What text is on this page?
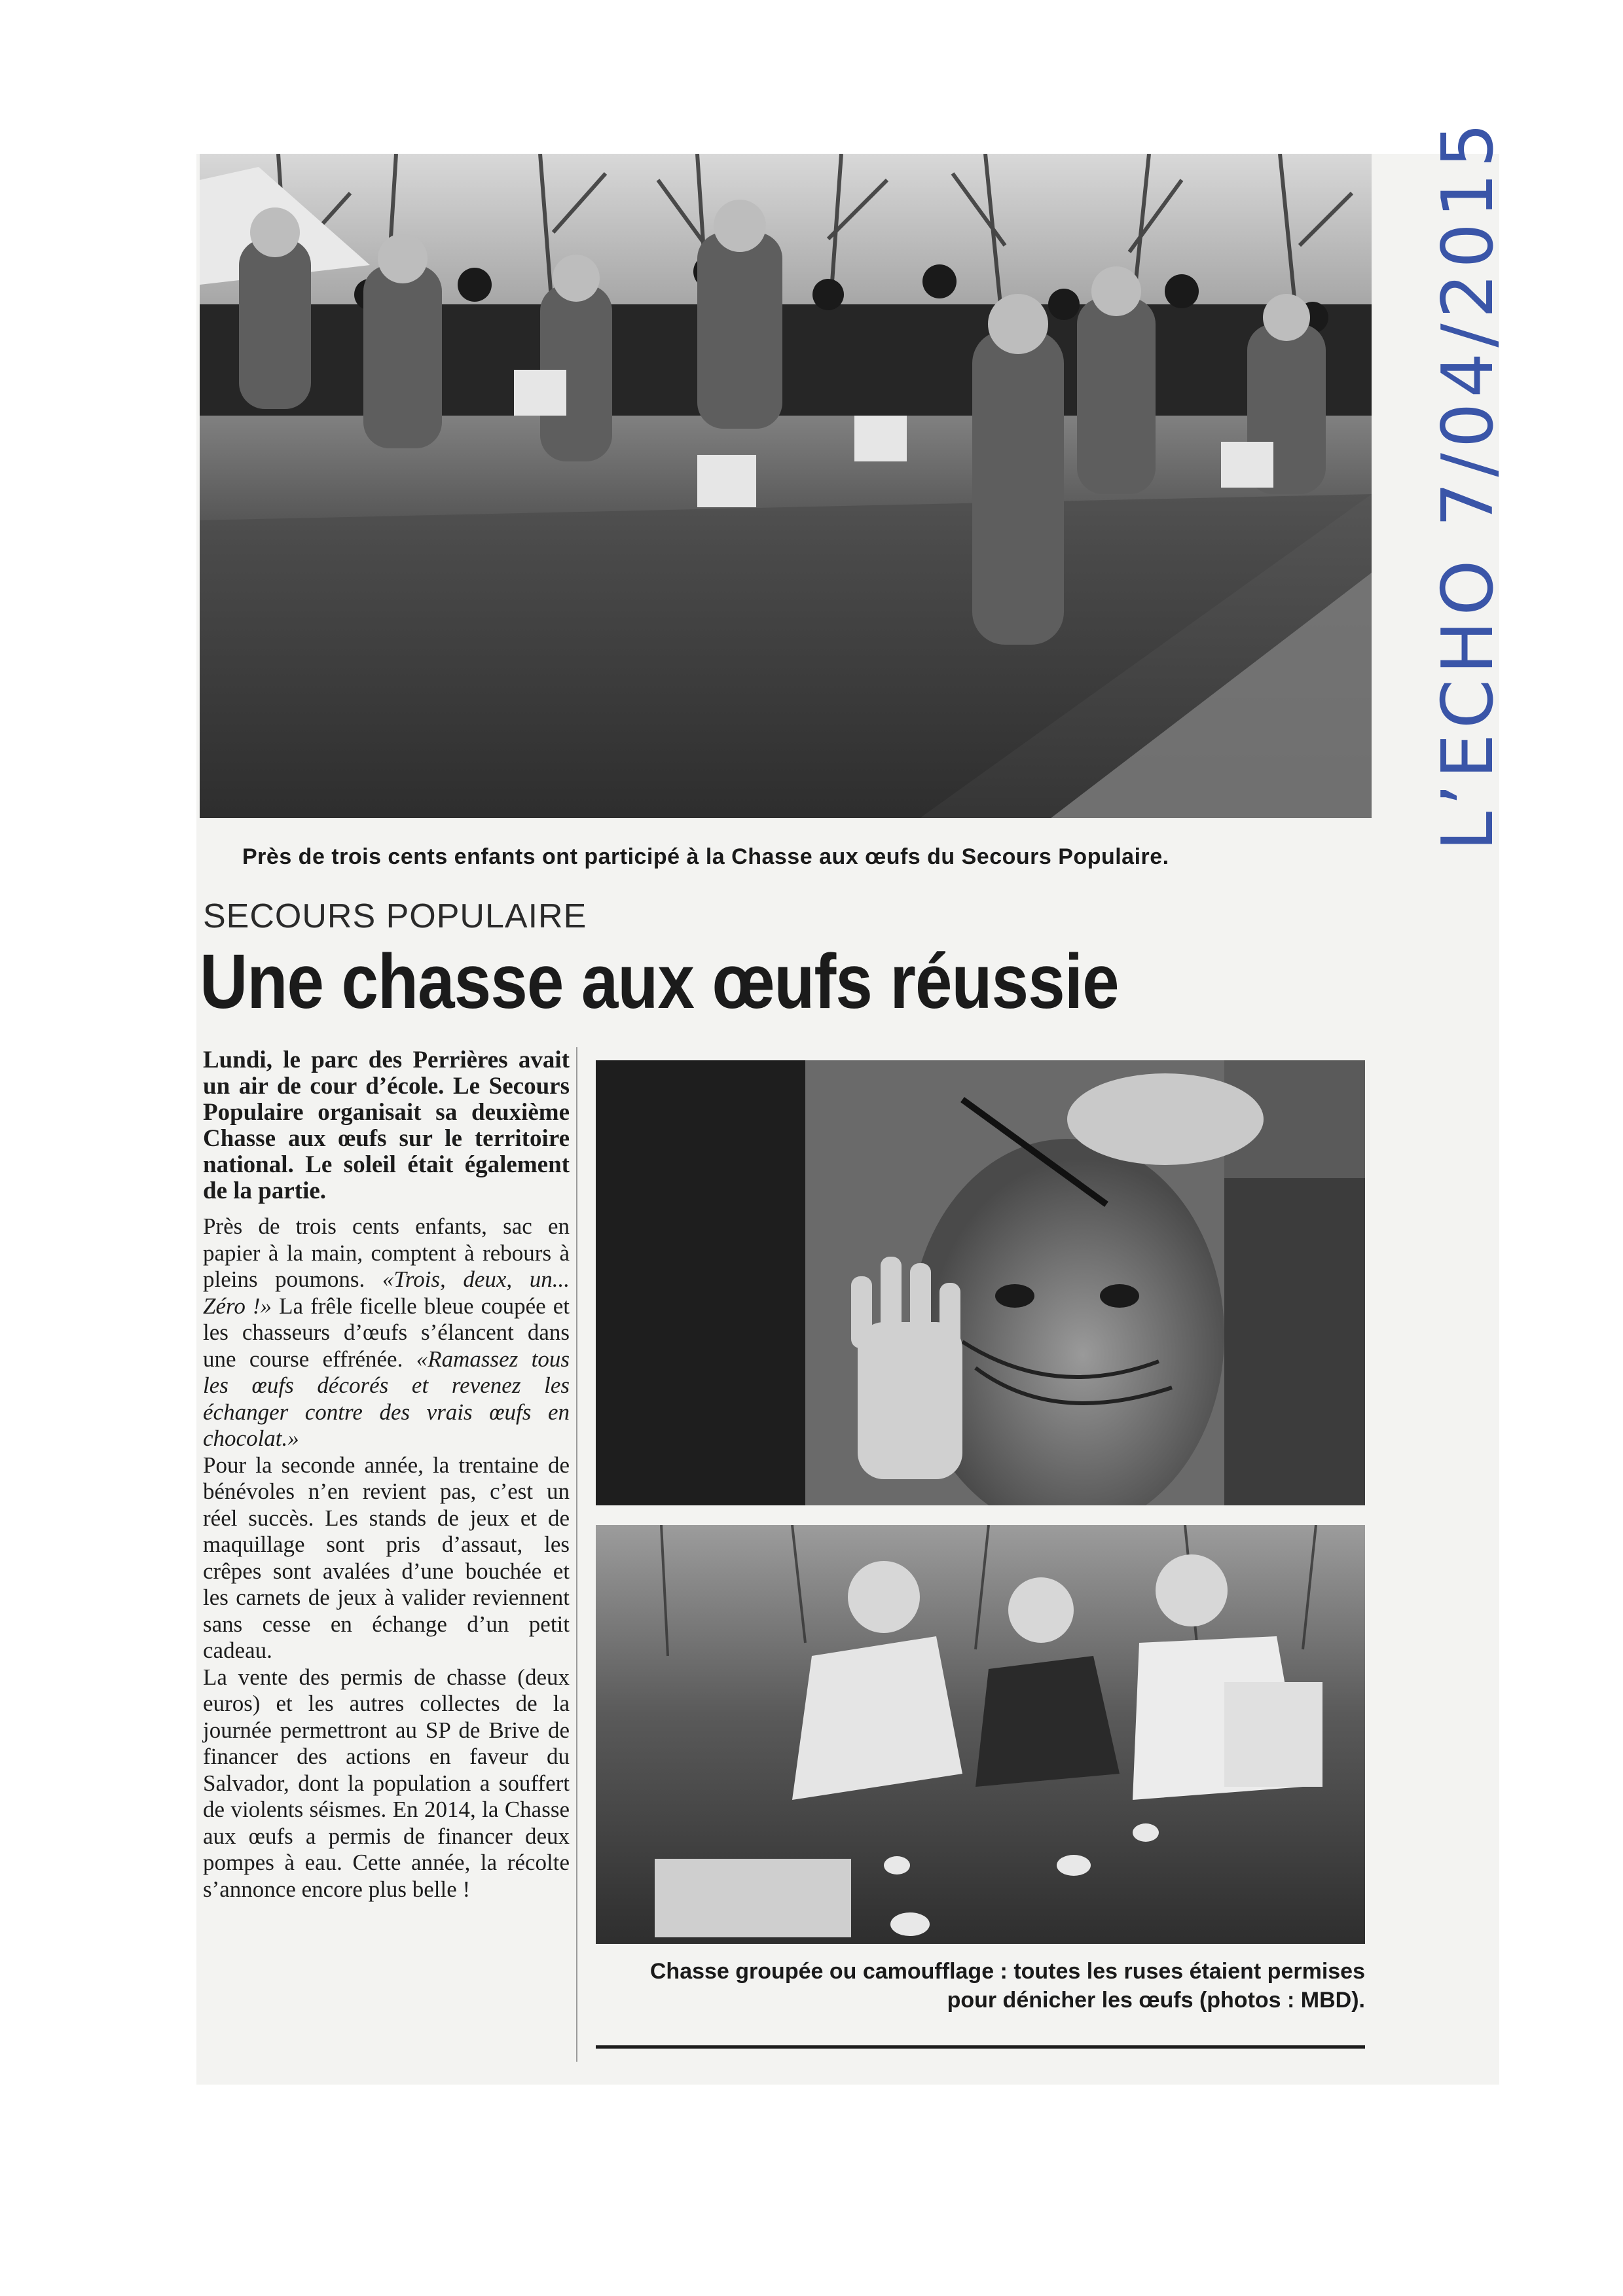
Près de trois cents enfants ont participé à la Chasse aux œufs du Secours Populaire.

SECOURS POPULAIRE
Une chasse aux œufs réussie

Lundi, le parc des Perrières avait un air de cour d’école. Le Secours Populaire organisait sa deuxième Chasse aux œufs sur le territoire national. Le soleil était également de la partie.

Près de trois cents enfants, sac en papier à la main, comptent à rebours à pleins poumons. «Trois, deux, un... Zéro !» La frêle ficelle bleue coupée et les chasseurs d’œufs s’élancent dans une course effrénée. «Ramassez tous les œufs décorés et revenez les échanger contre des vrais œufs en chocolat.»

Pour la seconde année, la trentaine de bénévoles n’en revient pas, c’est un réel succès. Les stands de jeux et de maquillage sont pris d’assaut, les crêpes sont avalées d’une bouchée et les carnets de jeux à valider reviennent sans cesse en échange d’un petit cadeau.

La vente des permis de chasse (deux euros) et les autres collectes de la journée permettront au SP de Brive de financer des actions en faveur du Salvador, dont la population a souffert de violents séismes. En 2014, la Chasse aux œufs a permis de financer deux pompes à eau. Cette année, la récolte s’annonce encore plus belle !

Chasse groupée ou camoufflage : toutes les ruses étaient permises pour dénicher les œufs (photos : MBD).

L’ECHO 7/04/2015
